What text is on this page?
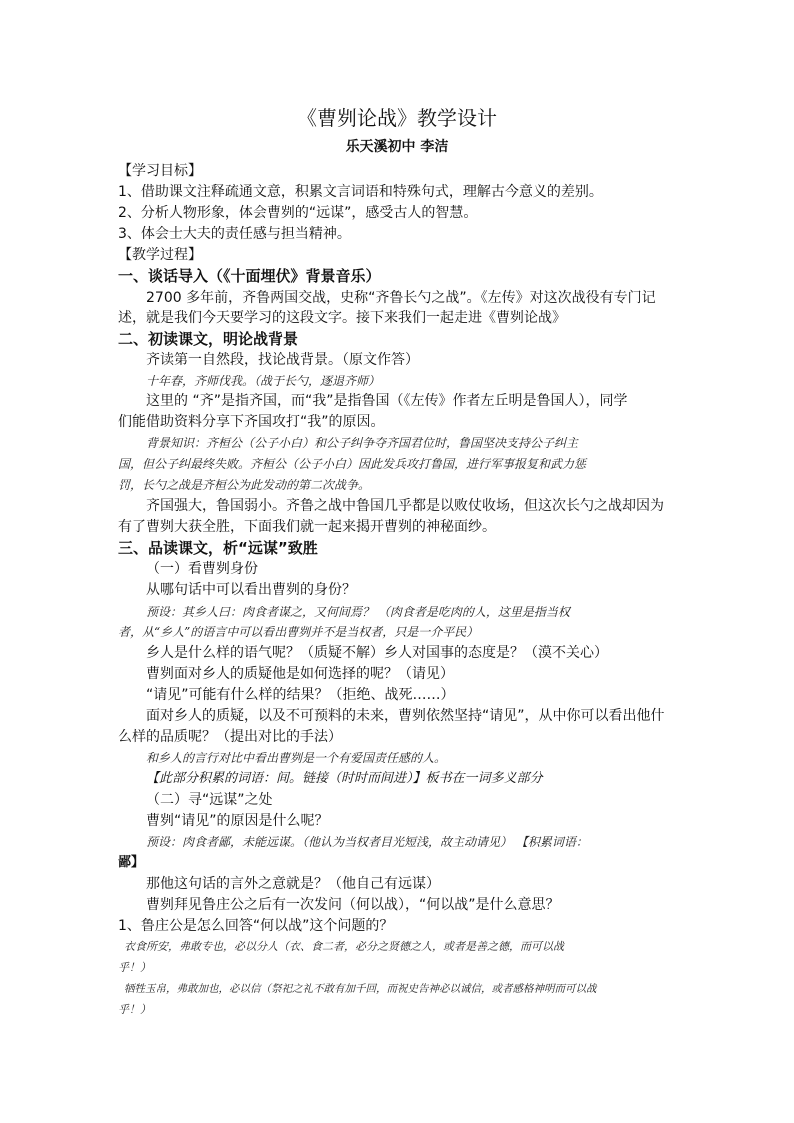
《曹刿论战》教学设计
乐天溪初中 李洁
【学习目标】
1、借助课文注释疏通文意，积累文言词语和特殊句式，理解古今意义的差别。
2、分析人物形象，体会曹刿的“远谋”，感受古人的智慧。
3、体会士大夫的责任感与担当精神。
【教学过程】
一、谈话导入（《十面埋伏》背景音乐）
2700 多年前，齐鲁两国交战，史称“齐鲁长勺之战”。《左传》对这次战役有专门记
述，就是我们今天要学习的这段文字。接下来我们一起走进《曹刿论战》
二、初读课文，明论战背景
齐读第一自然段，找论战背景。（原文作答）
十年春，齐师伐我。（战于长勺，逐退齐师）
这里的 “齐”是指齐国，而“我”是指鲁国（《左传》作者左丘明是鲁国人），同学
们能借助资料分享下齐国攻打“我”的原因。
背景知识：齐桓公（公子小白）和公子纠争夺齐国君位时，鲁国坚决支持公子纠主
国，但公子纠最终失败。齐桓公（公子小白）因此发兵攻打鲁国，进行军事报复和武力惩
罚，长勺之战是齐桓公为此发动的第二次战争。
齐国强大，鲁国弱小。齐鲁之战中鲁国几乎都是以败仗收场，但这次长勺之战却因为
有了曹刿大获全胜，下面我们就一起来揭开曹刿的神秘面纱。
三、品读课文，析“远谋”致胜
（一）看曹刿身份
从哪句话中可以看出曹刿的身份？
预设：其乡人曰：肉食者谋之，又何间焉？ （肉食者是吃肉的人，这里是指当权
者，从“乡人”的语言中可以看出曹刿并不是当权者，只是一介平民）
乡人是什么样的语气呢？（质疑不解）乡人对国事的态度是？（漠不关心）
曹刿面对乡人的质疑他是如何选择的呢？（请见）
“请见”可能有什么样的结果？（拒绝、战死……）
面对乡人的质疑，以及不可预料的未来，曹刿依然坚持“请见”，从中你可以看出他什
么样的品质呢？（提出对比的手法）
和乡人的言行对比中看出曹刿是一个有爱国责任感的人。
【此部分积累的词语：间。链接（时时而间进）】板书在一词多义部分
（二）寻“远谋”之处
曹刿“请见”的原因是什么呢？
预设：肉食者鄙，未能远谋。（他认为当权者目光短浅，故主动请见） 【积累词语：
鄙】
那他这句话的言外之意就是？（他自己有远谋）
曹刿拜见鲁庄公之后有一次发问（何以战），“何以战”是什么意思？
1、鲁庄公是怎么回答“何以战”这个问题的？
衣食所安，弗敢专也，必以分人（衣、食二者，必分之贤德之人，或者是善之德，而可以战
乎！）
牺牲玉帛，弗敢加也，必以信（祭祀之礼不敢有加千回，而祝史告神必以诚信，或者感格神明而可以战
乎！）
